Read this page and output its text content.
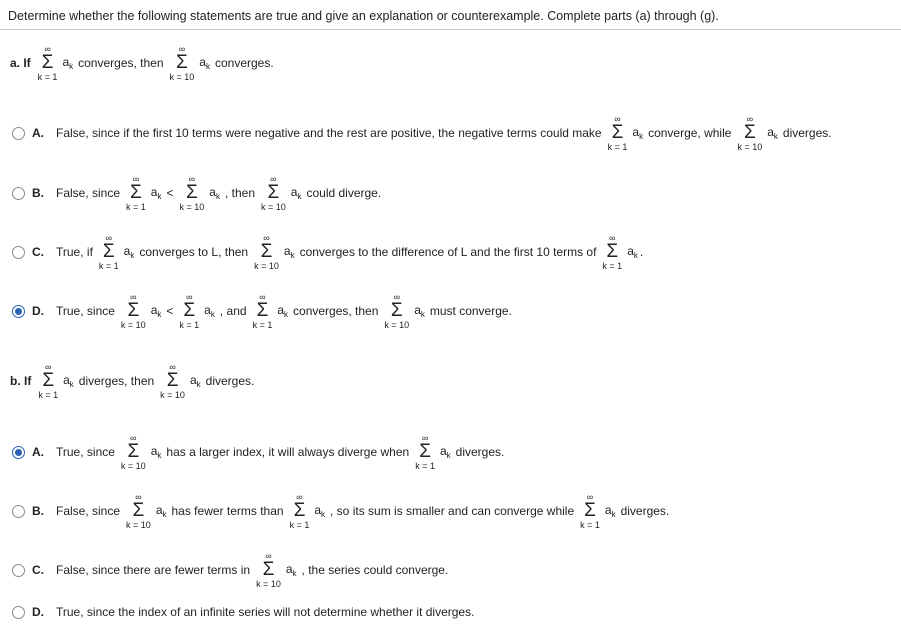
Determine whether the following statements are true and give an explanation or counterexample. Complete parts (a) through (g).
a. If
∞
Σ
k = 1
$a_k$ converges, then
∞
Σ
k = 10
$a_k$ converges.
A. False, since if the first 10 terms were negative and the rest are positive, the negative terms could make
∞
Σ
k = 1
$a_k$ converge, while
∞
Σ
k = 10
$a_k$ diverges.
B. False, since
∞
Σ
k = 1
$a_k$ <
∞
Σ
k = 10
$a_k$ , then
∞
Σ
k = 10
$a_k$ could diverge.
C. True, if
∞
Σ
k = 1
$a_k$ converges to L, then
∞
Σ
k = 10
$a_k$ converges to the difference of L and the first 10 terms of
∞
Σ
k = 1
$a_k$ .
D. True, since
∞
Σ
k = 10
$a_k$ <
∞
Σ
k = 1
$a_k$ , and
∞
Σ
k = 1
$a_k$ converges, then
∞
Σ
k = 10
$a_k$ must converge.
b. If
∞
Σ
k = 1
$a_k$ diverges, then
∞
Σ
k = 10
$a_k$ diverges.
A. True, since
∞
Σ
k = 10
$a_k$ has a larger index, it will always diverge when
∞
Σ
k = 1
$a_k$ diverges.
B. False, since
∞
Σ
k = 10
$a_k$ has fewer terms than
∞
Σ
k = 1
$a_k$ , so its sum is smaller and can converge while
∞
Σ
k = 1
$a_k$ diverges.
C. False, since there are fewer terms in
∞
Σ
k = 10
$a_k$ , the series could converge.
D. True, since the index of an infinite series will not determine whether it diverges.
